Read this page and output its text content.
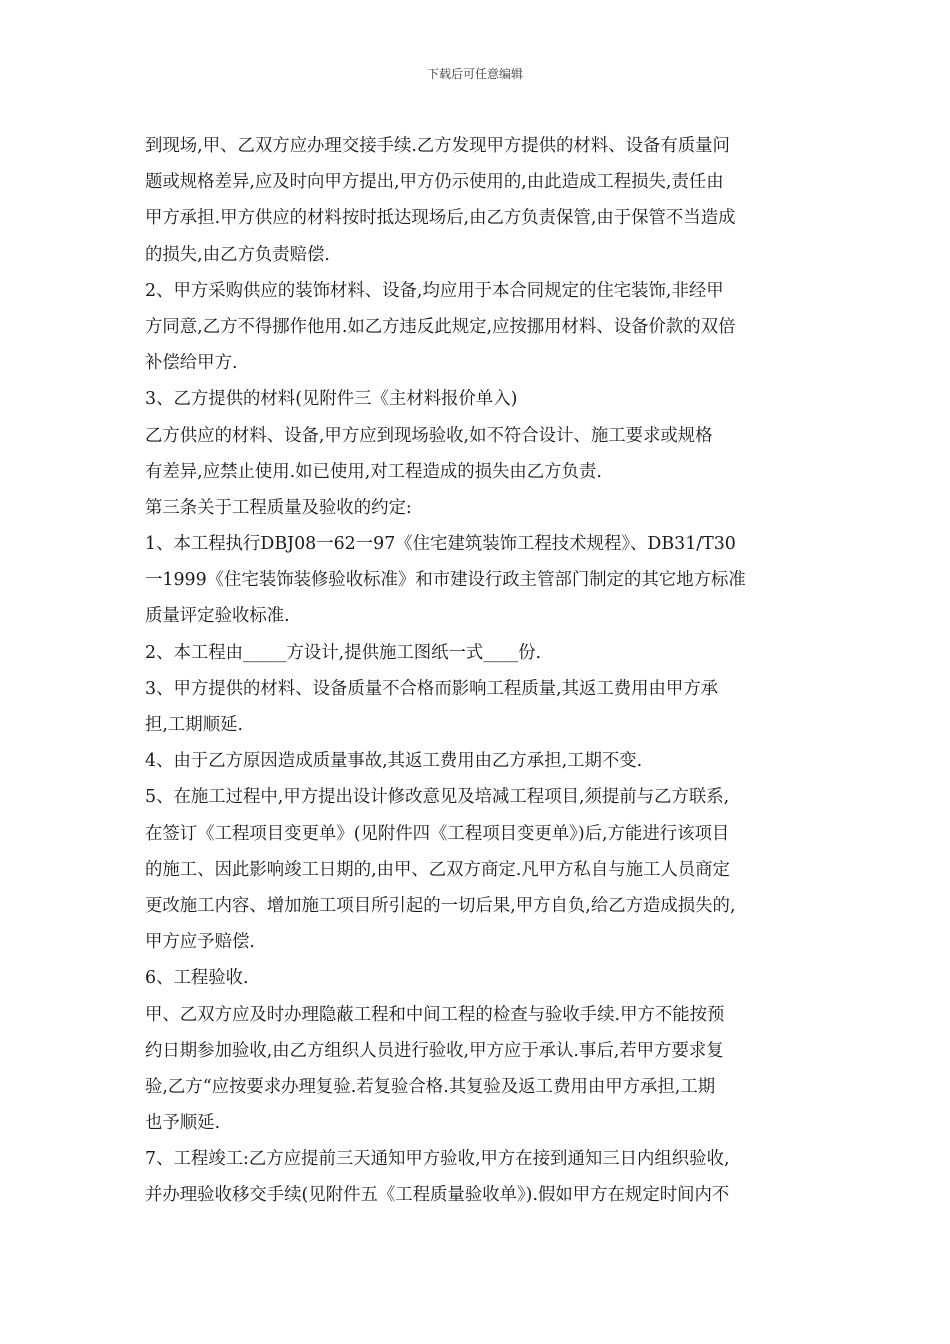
下载后可任意编辑
到现场,甲、乙双方应办理交接手续.乙方发现甲方提供的材料、设备有质量问
题或规格差异,应及时向甲方提出,甲方仍示使用的,由此造成工程损失,责任由
甲方承担.甲方供应的材料按时抵达现场后,由乙方负责保管,由于保管不当造成
的损失,由乙方负责赔偿.
2、甲方采购供应的装饰材料、设备,均应用于本合同规定的住宅装饰,非经甲
方同意,乙方不得挪作他用.如乙方违反此规定,应按挪用材料、设备价款的双倍
补偿给甲方.
3、乙方提供的材料(见附件三《主材料报价单入)
乙方供应的材料、设备,甲方应到现场验收,如不符合设计、施工要求或规格
有差异,应禁止使用.如已使用,对工程造成的损失由乙方负责.
第三条关于工程质量及验收的约定:
1、本工程执行DBJ08一62一97《住宅建筑装饰工程技术规程》、DB31/T30
一1999《住宅装饰装修验收标准》和市建设行政主管部门制定的其它地方标准
质量评定验收标准.
2、本工程由_____方设计,提供施工图纸一式____份.
3、甲方提供的材料、设备质量不合格而影响工程质量,其返工费用由甲方承
担,工期顺延.
4、由于乙方原因造成质量事故,其返工费用由乙方承担,工期不变.
5、在施工过程中,甲方提出设计修改意见及培减工程项目,须提前与乙方联系,
在签订《工程项目变更单》(见附件四《工程项目变更单》)后,方能进行该项目
的施工、因此影响竣工日期的,由甲、乙双方商定.凡甲方私自与施工人员商定
更改施工内容、增加施工项目所引起的一切后果,甲方自负,给乙方造成损失的,
甲方应予赔偿.
6、工程验收.
甲、乙双方应及时办理隐蔽工程和中间工程的检查与验收手续.甲方不能按预
约日期参加验收,由乙方组织人员进行验收,甲方应于承认.事后,若甲方要求复
验,乙方“应按要求办理复验.若复验合格.其复验及返工费用由甲方承担,工期
也予顺延.
7、工程竣工:乙方应提前三天通知甲方验收,甲方在接到通知三日内组织验收,
并办理验收移交手续(见附件五《工程质量验收单》).假如甲方在规定时间内不
